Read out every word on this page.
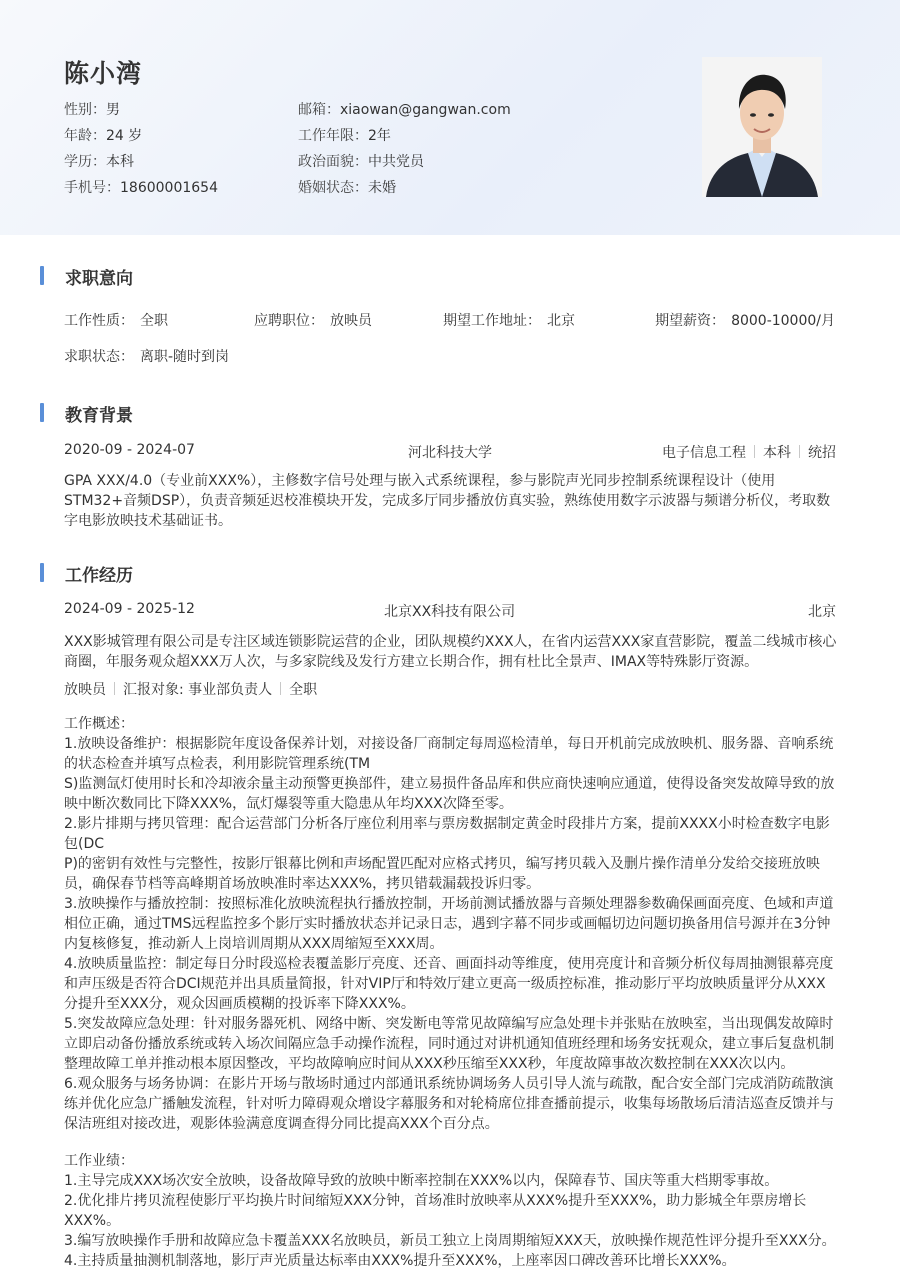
陈小湾
性别：男
年龄：24 岁
学历：本科
手机号：18600001654
邮箱：xiaowan@gangwan.com
工作年限：2年
政治面貌：中共党员
婚姻状态：未婚
求职意向
工作性质： 全职	应聘职位： 放映员	期望工作地址： 北京	期望薪资： 8000-10000/月
求职状态： 离职-随时到岗
教育背景
2020-09 - 2024-07	河北科技大学	电子信息工程 本科 统招
GPA XXX/4.0（专业前XXX%），主修数字信号处理与嵌入式系统课程，参与影院声光同步控制系统课程设计（使用
STM32+音频DSP），负责音频延迟校准模块开发，完成多厅同步播放仿真实验，熟练使用数字示波器与频谱分析仪，考取数
字电影放映技术基础证书。
工作经历
2024-09 - 2025-12	北京XX科技有限公司	北京
XXX影城管理有限公司是专注区域连锁影院运营的企业，团队规模约XXX人，在省内运营XXX家直营影院，覆盖二线城市核心
商圈，年服务观众超XXX万人次，与多家院线及发行方建立长期合作，拥有杜比全景声、IMAX等特殊影厅资源。
放映员 汇报对象: 事业部负责人 全职
工作概述：
1.放映设备维护：根据影院年度设备保养计划，对接设备厂商制定每周巡检清单，每日开机前完成放映机、服务器、音响系统
的状态检查并填写点检表，利用影院管理系统(TM
S)监测氙灯使用时长和冷却液余量主动预警更换部件，建立易损件备品库和供应商快速响应通道，使得设备突发故障导致的放
映中断次数同比下降XXX%，氙灯爆裂等重大隐患从年均XXX次降至零。
2.影片排期与拷贝管理：配合运营部门分析各厅座位利用率与票房数据制定黄金时段排片方案，提前XXXX小时检查数字电影
包(DC
P)的密钥有效性与完整性，按影厅银幕比例和声场配置匹配对应格式拷贝，编写拷贝载入及删片操作清单分发给交接班放映
员，确保春节档等高峰期首场放映准时率达XXX%，拷贝错载漏载投诉归零。
3.放映操作与播放控制：按照标准化放映流程执行播放控制，开场前测试播放器与音频处理器参数确保画面亮度、色域和声道
相位正确，通过TMS远程监控多个影厅实时播放状态并记录日志，遇到字幕不同步或画幅切边问题切换备用信号源并在3分钟
内复核修复，推动新人上岗培训周期从XXX周缩短至XXX周。
4.放映质量监控：制定每日分时段巡检表覆盖影厅亮度、还音、画面抖动等维度，使用亮度计和音频分析仪每周抽测银幕亮度
和声压级是否符合DCI规范并出具质量简报，针对VIP厅和特效厅建立更高一级质控标准，推动影厅平均放映质量评分从XXX
分提升至XXX分，观众因画质模糊的投诉率下降XXX%。
5.突发故障应急处理：针对服务器死机、网络中断、突发断电等常见故障编写应急处理卡并张贴在放映室，当出现偶发故障时
立即启动备份播放系统或转入场次间隔应急手动操作流程，同时通过对讲机通知值班经理和场务安抚观众，建立事后复盘机制
整理故障工单并推动根本原因整改，平均故障响应时间从XXX秒压缩至XXX秒，年度故障事故次数控制在XXX次以内。
6.观众服务与场务协调：在影片开场与散场时通过内部通讯系统协调场务人员引导人流与疏散，配合安全部门完成消防疏散演
练并优化应急广播触发流程，针对听力障碍观众增设字幕服务和对轮椅席位排查播前提示，收集每场散场后清洁巡查反馈并与
保洁班组对接改进，观影体验满意度调查得分同比提高XXX个百分点。
工作业绩：
1.主导完成XXX场次安全放映，设备故障导致的放映中断率控制在XXX%以内，保障春节、国庆等重大档期零事故。
2.优化排片拷贝流程使影厅平均换片时间缩短XXX分钟，首场准时放映率从XXX%提升至XXX%，助力影城全年票房增长
XXX%。
3.编写放映操作手册和故障应急卡覆盖XXX名放映员，新员工独立上岗周期缩短XXX天，放映操作规范性评分提升至XXX分。
4.主持质量抽测机制落地，影厅声光质量达标率由XXX%提升至XXX%，上座率因口碑改善环比增长XXX%。
